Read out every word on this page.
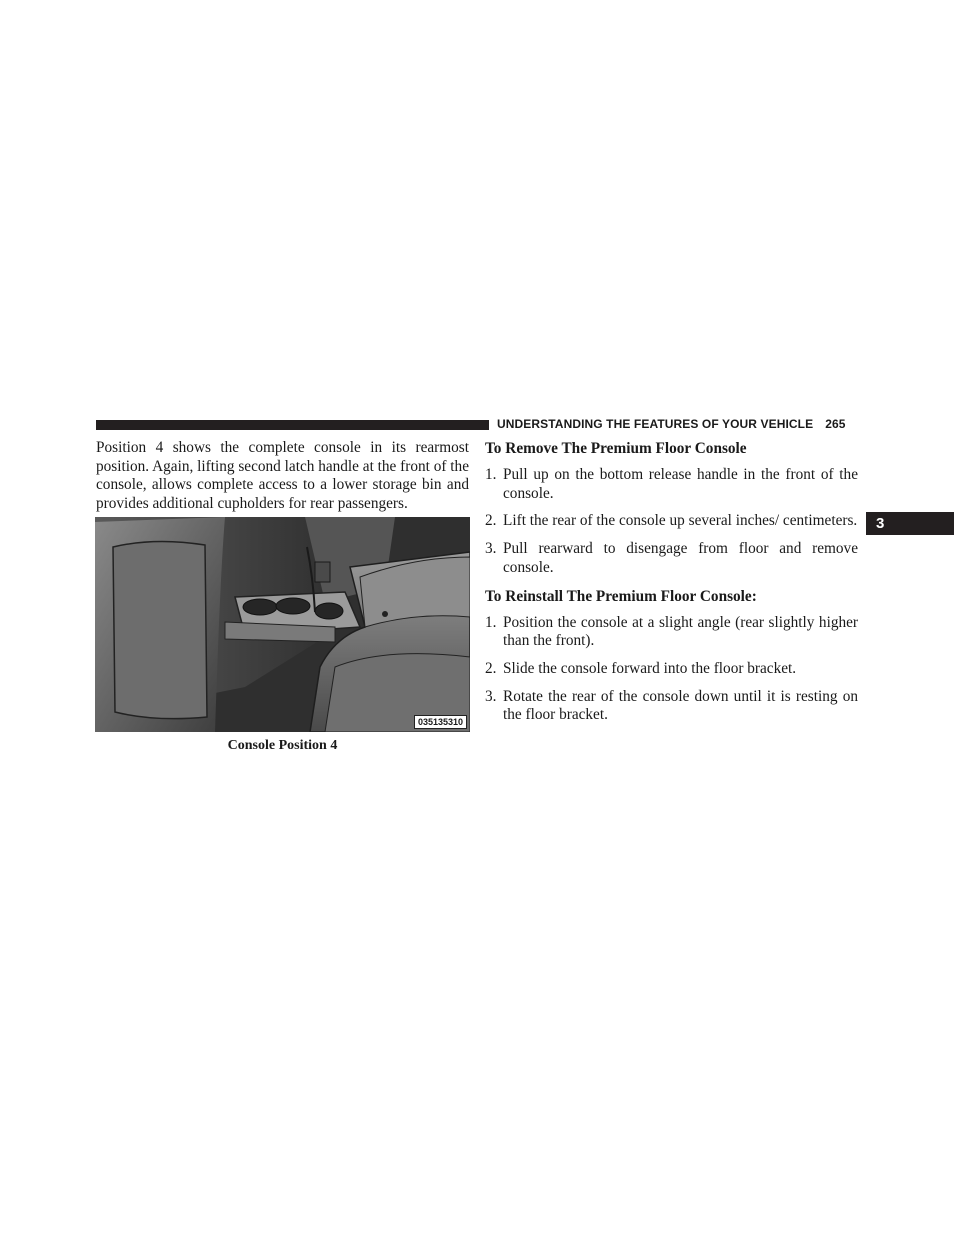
UNDERSTANDING THE FEATURES OF YOUR VEHICLE 265
3

Position 4 shows the complete console in its rearmost position. Again, lifting second latch handle at the front of the console, allows complete access to a lower storage bin and provides additional cupholders for rear passengers.

035135310
Console Position 4

To Remove The Premium Floor Console

1. Pull up on the bottom release handle in the front of the console.
2. Lift the rear of the console up several inches/ centimeters.
3. Pull rearward to disengage from floor and remove console.

To Reinstall The Premium Floor Console:

1. Position the console at a slight angle (rear slightly higher than the front).
2. Slide the console forward into the floor bracket.
3. Rotate the rear of the console down until it is resting on the floor bracket.
